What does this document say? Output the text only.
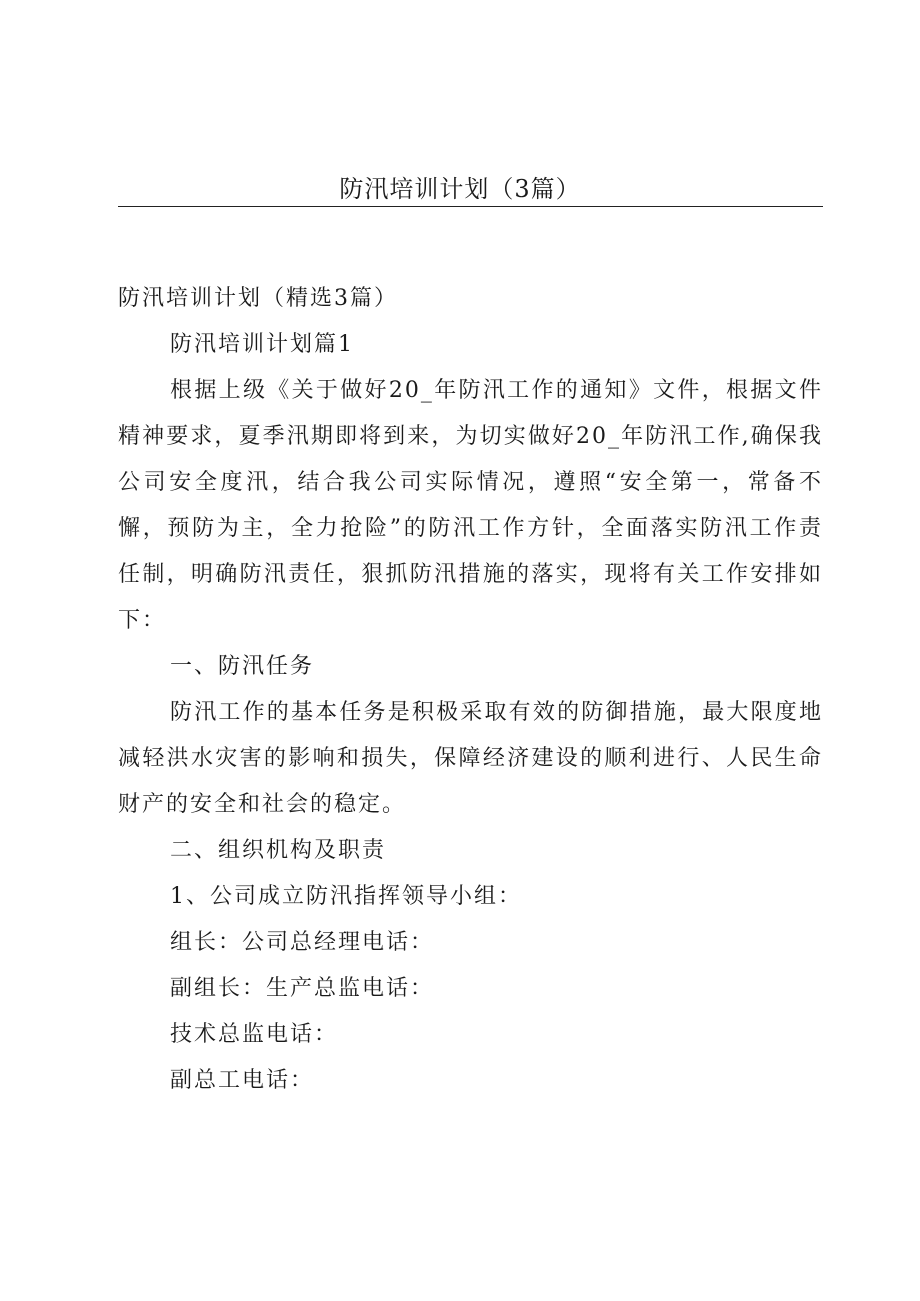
防汛培训计划（3篇）
防汛培训计划（精选3篇）
防汛培训计划篇1
根据上级《关于做好20_年防汛工作的通知》文件，根据文件精神要求，夏季汛期即将到来，为切实做好20_年防汛工作,确保我公司安全度汛，结合我公司实际情况，遵照“安全第一，常备不懈，预防为主，全力抢险”的防汛工作方针，全面落实防汛工作责任制，明确防汛责任，狠抓防汛措施的落实，现将有关工作安排如下：
一、防汛任务
防汛工作的基本任务是积极采取有效的防御措施，最大限度地减轻洪水灾害的影响和损失，保障经济建设的顺利进行、人民生命财产的安全和社会的稳定。
二、组织机构及职责
1、公司成立防汛指挥领导小组：
组长：公司总经理电话：
副组长：生产总监电话：
技术总监电话：
副总工电话：
